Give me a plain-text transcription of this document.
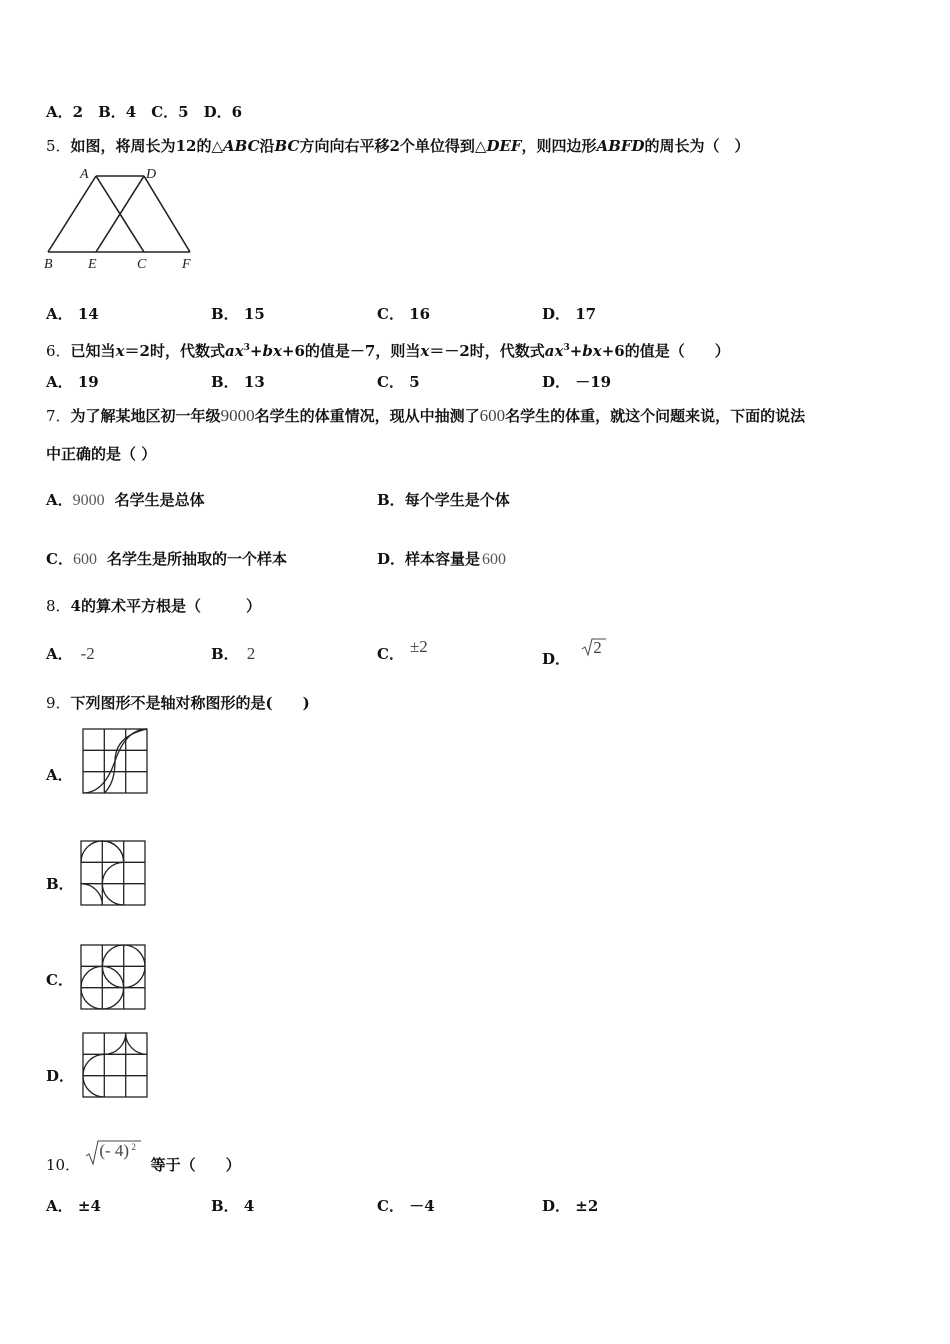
A．2　B．4　C．5　D．6
5．如图，将周长为12的△ABC沿BC方向向右平移2个单位得到△DEF，则四边形ABFD的周长为（　）
A	D
B	E	C	F
A． 14	B． 15	C． 16	D． 17
6．已知当x＝2时，代数式$ax^3+bx+6$的值是－7，则当x＝－2时，代数式$ax^3+bx+6$的值是（　　）
A． 19	B． 13	C． 5	D． －19
7．为了解某地区初一年级9000名学生的体重情况，现从中抽测了600名学生的体重，就这个问题来说，下面的说法
中正确的是（ ）
A． 9000 名学生是总体	B．每个学生是个体
C． 600 名学生是所抽取的一个样本	D．样本容量是 600
8．4的算术平方根是（　　　）
A． -2	B． 2	C． ±2
D．
2
9．下列图形不是轴对称图形的是(　　)
A．
B．
C．
D．
10．
(- 4) 2
等于（　　）
A． ±4	B． 4	C． －4	D． ±2
